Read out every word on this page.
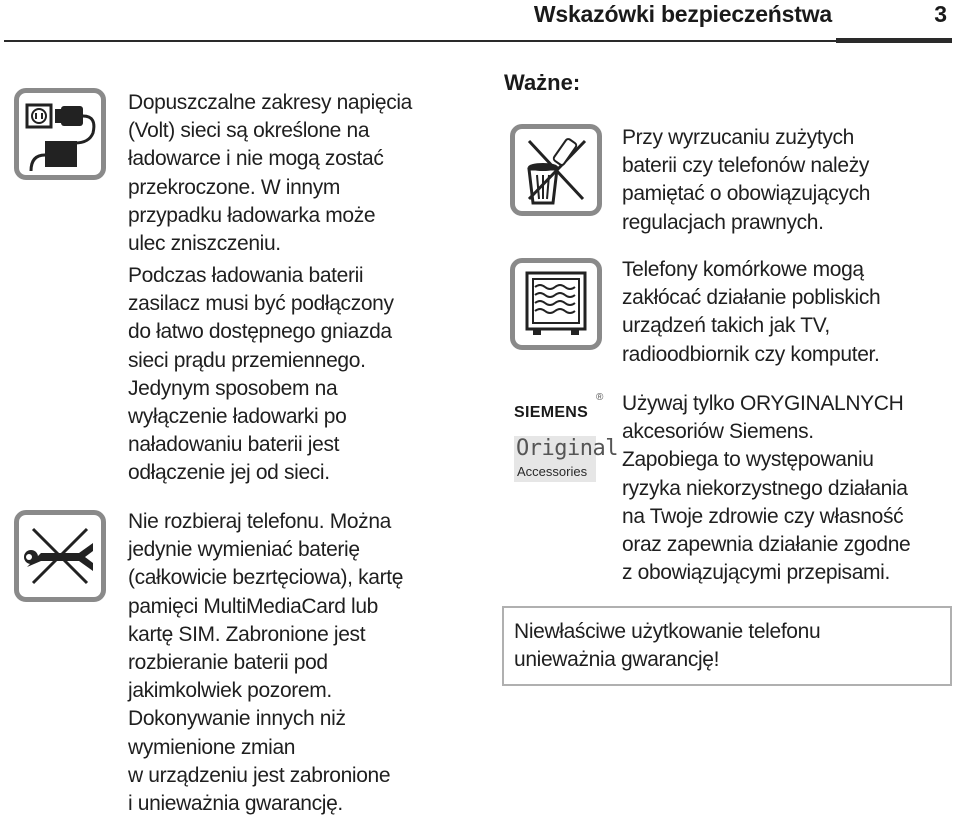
Wskazówki bezpieczeństwa	3
Dopuszczalne zakresy napięcia
(Volt) sieci są określone na
ładowarce i nie mogą zostać
przekroczone. W innym
przypadku ładowarka może
ulec zniszczeniu.
Podczas ładowania baterii
zasilacz musi być podłączony
do łatwo dostępnego gniazda
sieci prądu przemiennego.
Jedynym sposobem na
wyłączenie ładowarki po
naładowaniu baterii jest
odłączenie jej od sieci.
Nie rozbieraj telefonu. Można
jedynie wymieniać baterię
(całkowicie bezrtęciowa), kartę
pamięci MultiMediaCard lub
kartę SIM. Zabronione jest
rozbieranie baterii pod
jakimkolwiek pozorem.
Dokonywanie innych niż
wymienione zmian
w urządzeniu jest zabronione
i unieważnia gwarancję.
Ważne:
SIEMENS
®
Original
Accessories
Przy wyrzucaniu zużytych
baterii czy telefonów należy
pamiętać o obowiązujących
regulacjach prawnych.
Telefony komórkowe mogą
zakłócać działanie pobliskich
urządzeń takich jak TV,
radioodbiornik czy komputer.
Używaj tylko ORYGINALNYCH
akcesoriów Siemens.
Zapobiega to występowaniu
ryzyka niekorzystnego działania
na Twoje zdrowie czy własność
oraz zapewnia działanie zgodne
z obowiązującymi przepisami.
Niewłaściwe użytkowanie telefonu
unieważnia gwarancję!
